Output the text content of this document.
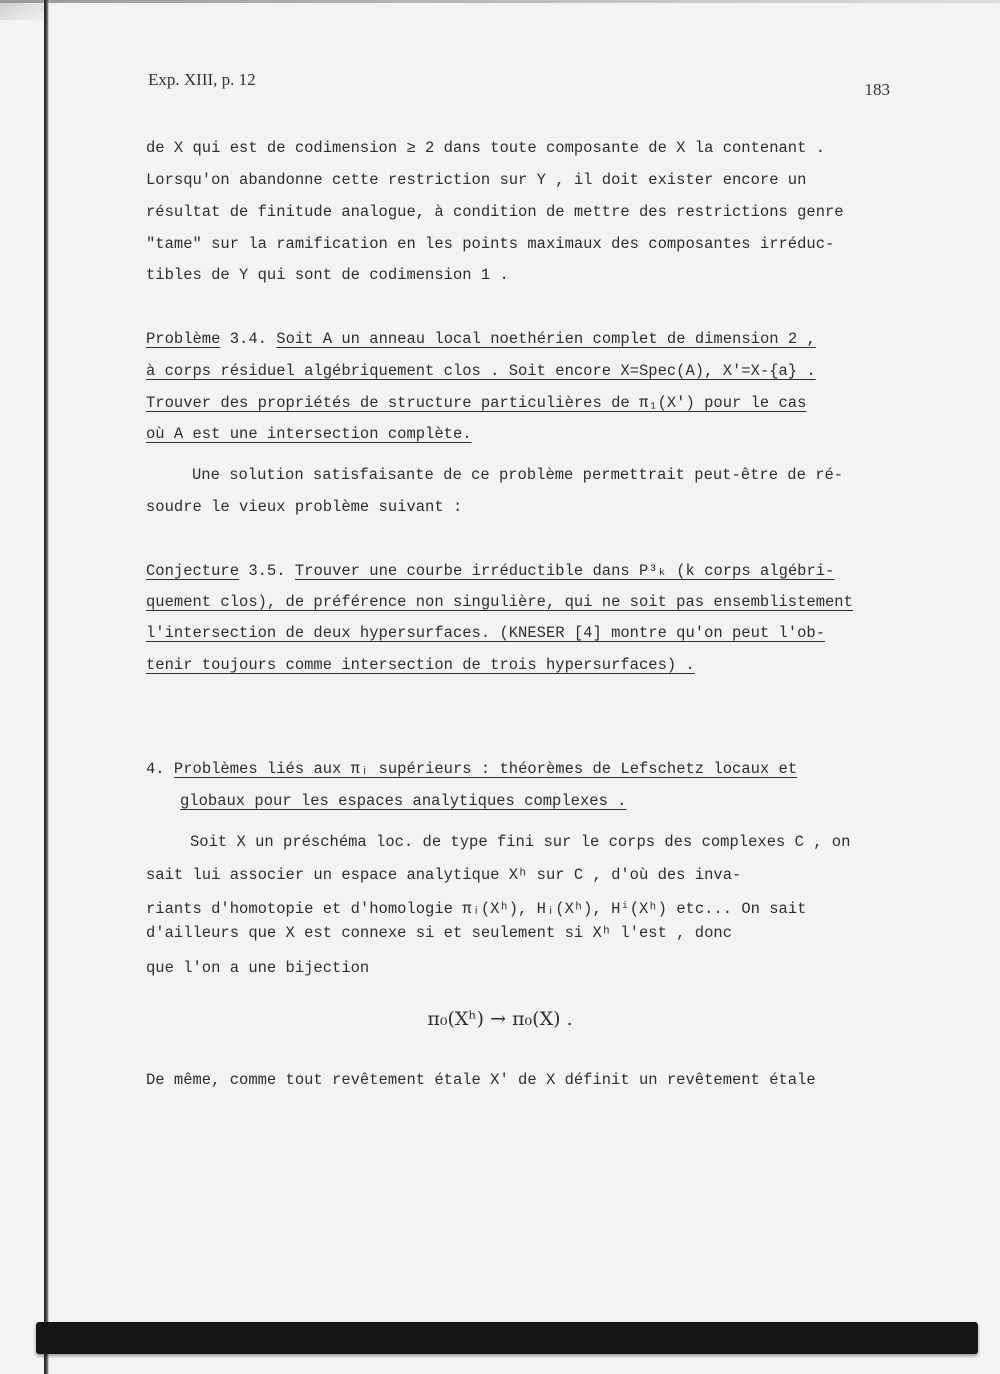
Exp. XIII, p. 12
183
de X qui est de codimension ≥ 2 dans toute composante de X la contenant .
Lorsqu'on abandonne cette restriction sur Y , il doit exister encore un
résultat de finitude analogue, à condition de mettre des restrictions genre
"tame" sur la ramification en les points maximaux des composantes irréduc-
tibles de Y qui sont de codimension 1 .
Problème 3.4. Soit A un anneau local noethérien complet de dimension 2 ,
à corps résiduel algébriquement clos . Soit encore X=Spec(A), X'=X-{a} .
Trouver des propriétés de structure particulières de π₁(X') pour le cas
où A est une intersection complète.
Une solution satisfaisante de ce problème permettrait peut-être de ré-
soudre le vieux problème suivant :
Conjecture 3.5. Trouver une courbe irréductible dans P³ₖ (k corps algébri-
quement clos), de préférence non singulière, qui ne soit pas ensemblistement
l'intersection de deux hypersurfaces. (KNESER [4] montre qu'on peut l'ob-
tenir toujours comme intersection de trois hypersurfaces) .
4. Problèmes liés aux πᵢ supérieurs : théorèmes de Lefschetz locaux et
globaux pour les espaces analytiques complexes .
Soit X un préschéma loc. de type fini sur le corps des complexes C , on
sait lui associer un espace analytique Xʰ sur C , d'où des inva-
riants d'homotopie et d'homologie πᵢ(Xʰ), Hᵢ(Xʰ), Hⁱ(Xʰ) etc... On sait
d'ailleurs que X est connexe si et seulement si Xʰ l'est , donc
que l'on a une bijection
π₀(Xʰ) → π₀(X) .
De même, comme tout revêtement étale X' de X définit un revêtement étale
